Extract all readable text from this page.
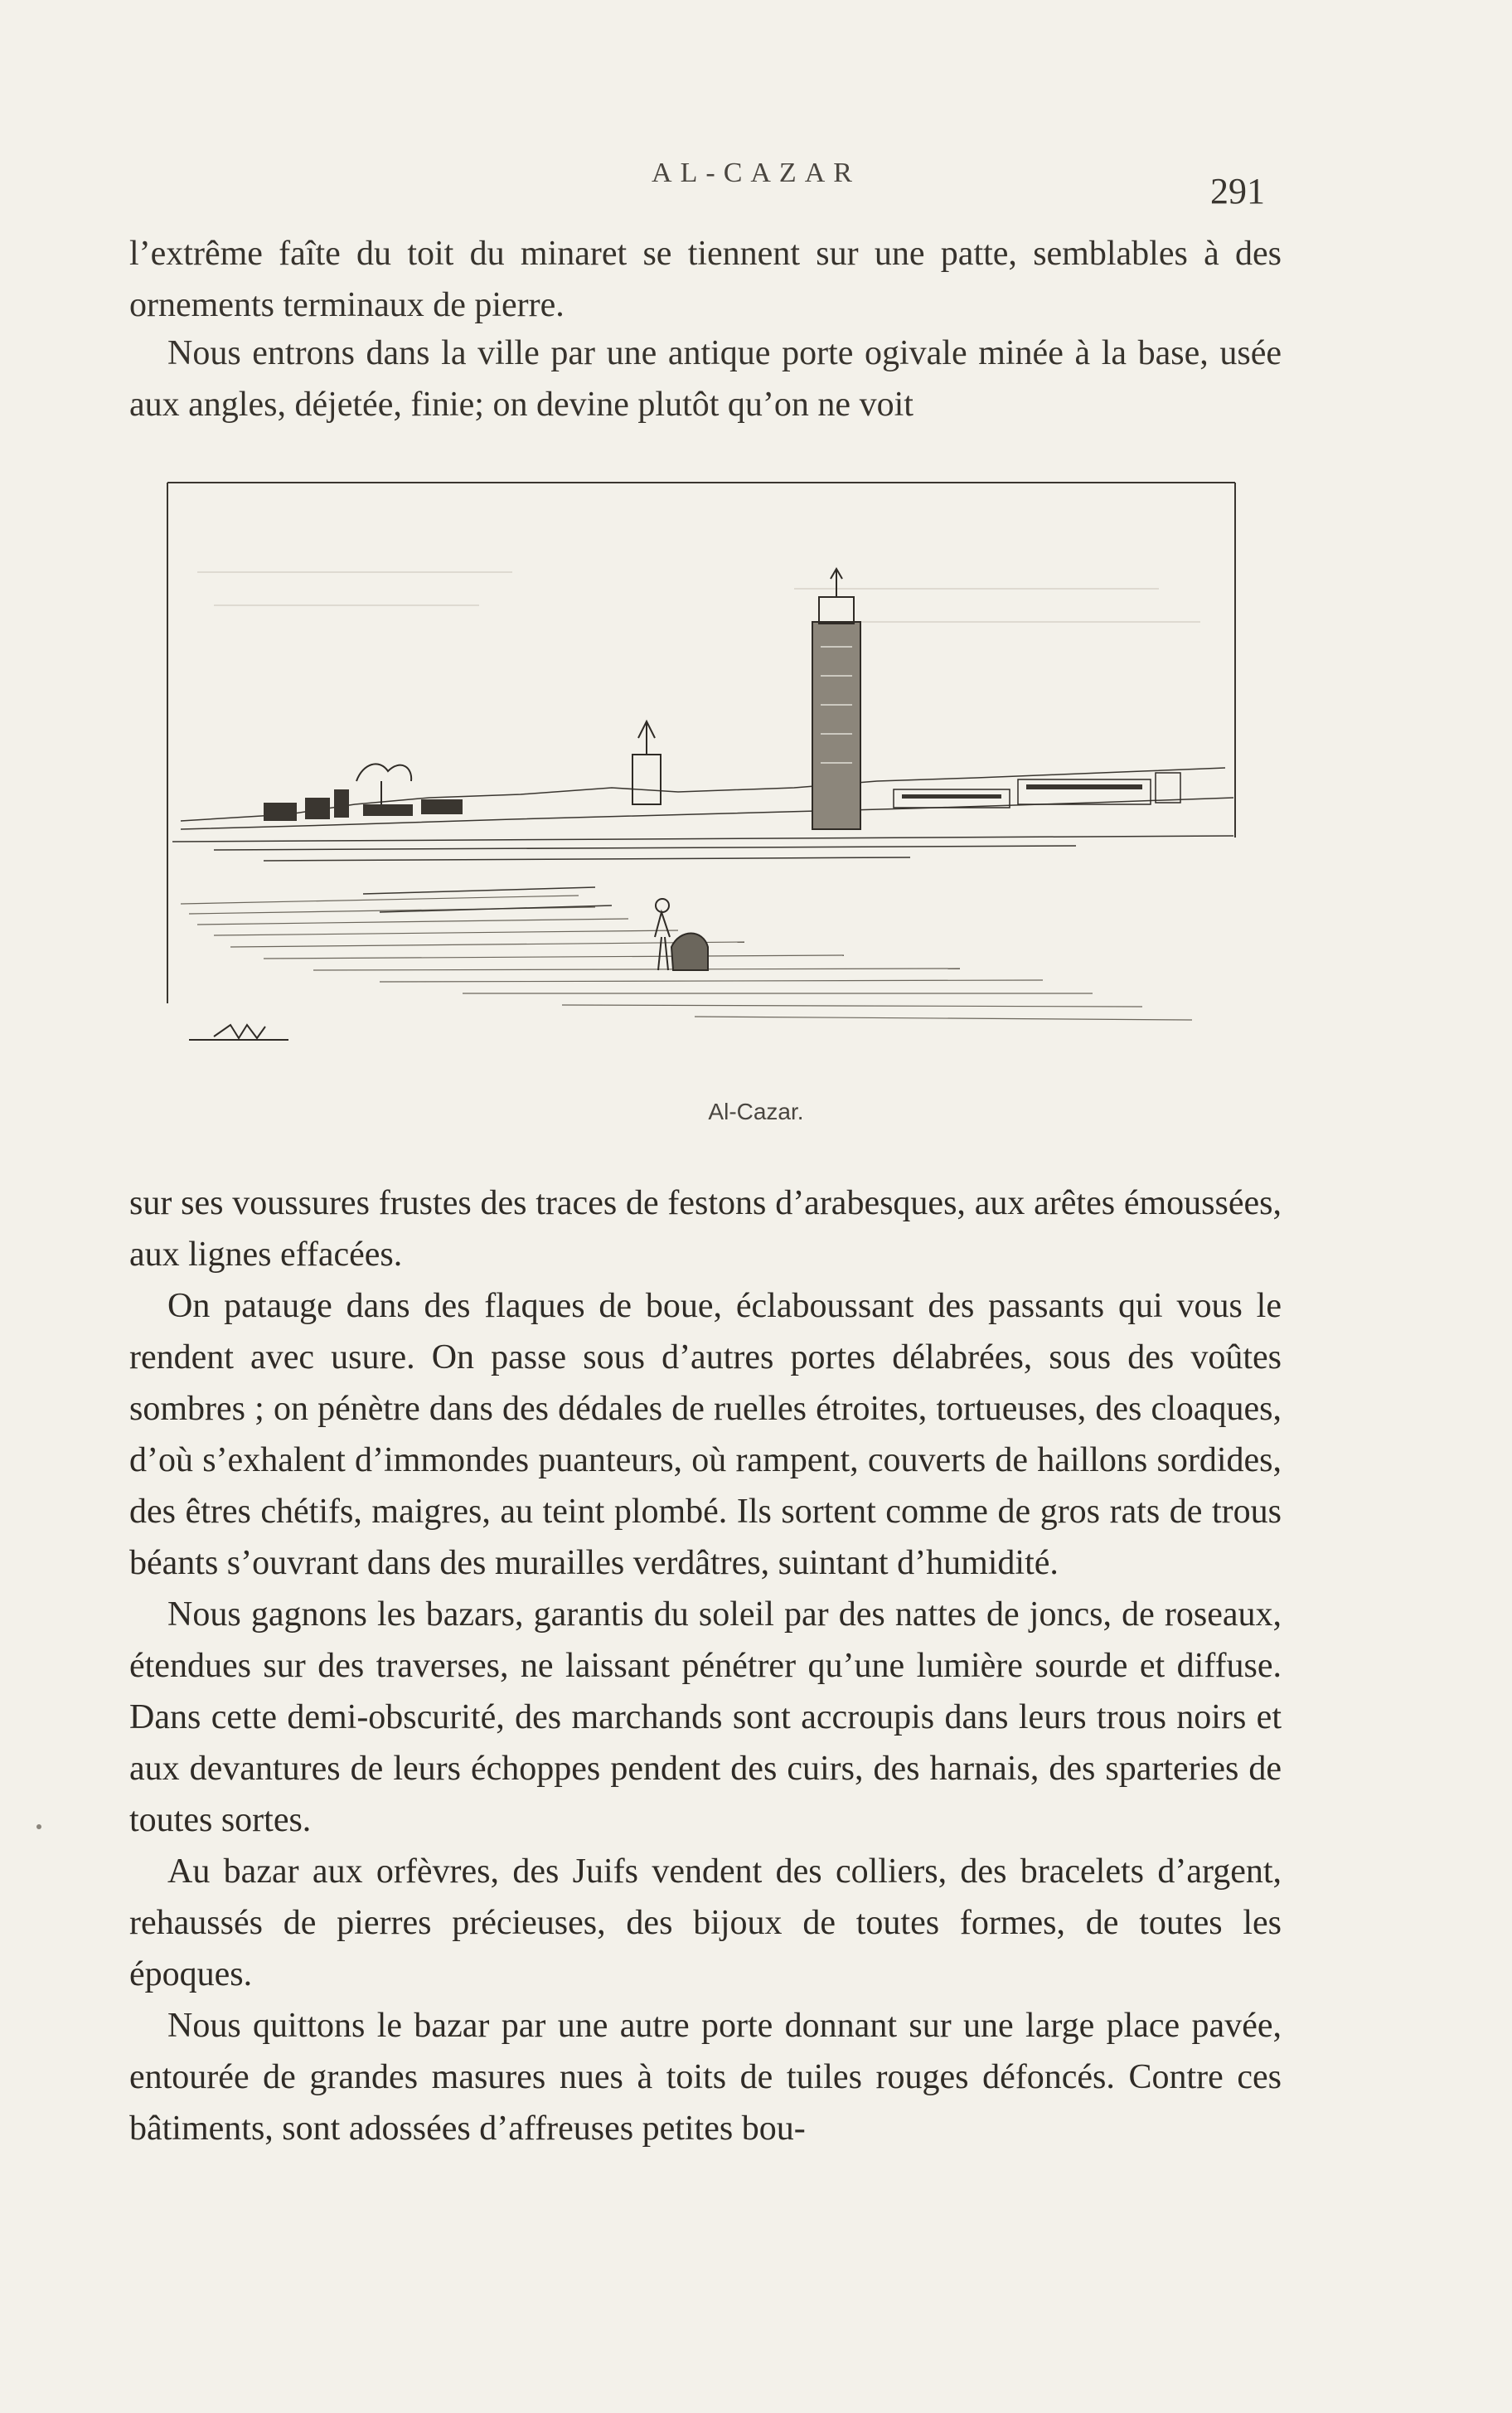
AL-CAZAR	291

l’extrême faîte du toit du minaret se tiennent sur une patte, semblables à des ornements terminaux de pierre.

Nous entrons dans la ville par une antique porte ogivale minée à la base, usée aux angles, déjetée, finie; on devine plutôt qu’on ne voit

Al-Cazar.

sur ses voussures frustes des traces de festons d’arabesques, aux arêtes émoussées, aux lignes effacées.

On patauge dans des flaques de boue, éclaboussant des passants qui vous le rendent avec usure. On passe sous d’autres portes délabrées, sous des voûtes sombres ; on pénètre dans des dédales de ruelles étroites, tortueuses, des cloaques, d’où s’exhalent d’immondes puanteurs, où rampent, couverts de haillons sordides, des êtres chétifs, maigres, au teint plombé. Ils sortent comme de gros rats de trous béants s’ouvrant dans des murailles verdâtres, suintant d’humidité.

Nous gagnons les bazars, garantis du soleil par des nattes de joncs, de roseaux, étendues sur des traverses, ne laissant pénétrer qu’une lumière sourde et diffuse. Dans cette demi-obscurité, des marchands sont accroupis dans leurs trous noirs et aux devantures de leurs échoppes pendent des cuirs, des harnais, des sparteries de toutes sortes.

Au bazar aux orfèvres, des Juifs vendent des colliers, des bracelets d’argent, rehaussés de pierres précieuses, des bijoux de toutes formes, de toutes les époques.

Nous quittons le bazar par une autre porte donnant sur une large place pavée, entourée de grandes masures nues à toits de tuiles rouges défoncés. Contre ces bâtiments, sont adossées d’affreuses petites bou-
